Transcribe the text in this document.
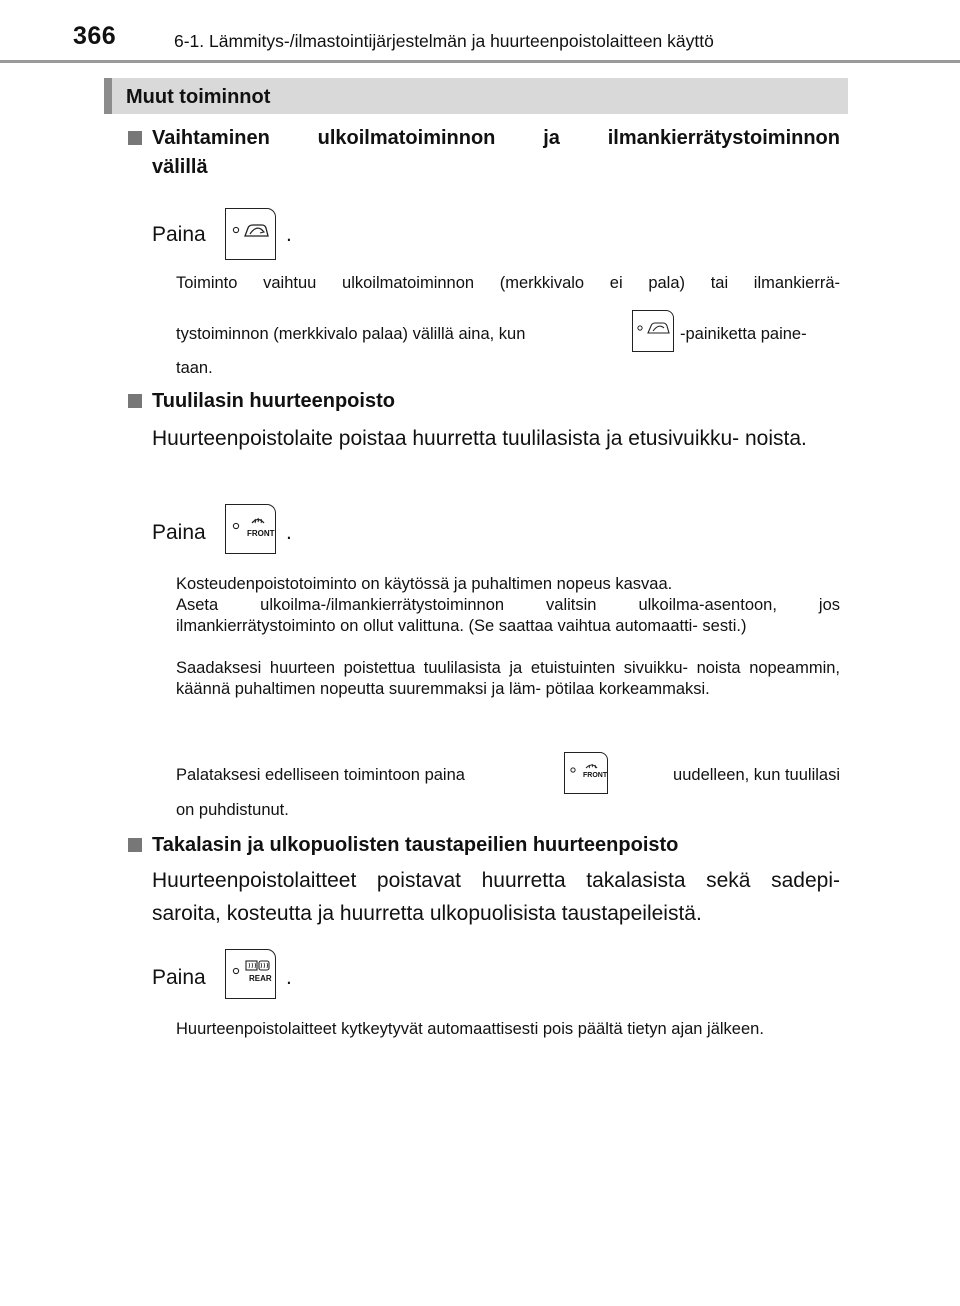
366	6-1. Lämmitys-/ilmastointijärjestelmän ja huurteenpoistolaitteen käyttö
Muut toiminnot
Vaihtaminen ulkoilmatoiminnon ja ilmankierrätystoiminnon
välillä
Paina	.
Toiminto vaihtuu ulkoilmatoiminnon (merkkivalo ei pala) tai ilmankierrä-
tystoiminnon (merkkivalo palaa) välillä aina, kun	-painiketta paine-
taan.
Tuulilasin huurteenpoisto
Huurteenpoistolaite poistaa huurretta tuulilasista ja etusivuikku- noista.
Paina	.
FRONT
Kosteudenpoistotoiminto on käytössä ja puhaltimen nopeus kasvaa.
Aseta ulkoilma-/ilmankierrätystoiminnon valitsin ulkoilma-asentoon, jos ilmankierrätystoiminto on ollut valittuna. (Se saattaa vaihtua automaatti- sesti.)
Saadaksesi huurteen poistettua tuulilasista ja etuistuinten sivuikku- noista nopeammin, käännä puhaltimen nopeutta suuremmaksi ja läm- pötilaa korkeammaksi.
Palataksesi edelliseen toimintoon paina	uudelleen, kun tuulilasi
FRONT
on puhdistunut.
Takalasin ja ulkopuolisten taustapeilien huurteenpoisto
Huurteenpoistolaitteet poistavat huurretta takalasista sekä sadepi- saroita, kosteutta ja huurretta ulkopuolisista taustapeileistä.
Paina	.
REAR
Huurteenpoistolaitteet kytkeytyvät automaattisesti pois päältä tietyn ajan jälkeen.
